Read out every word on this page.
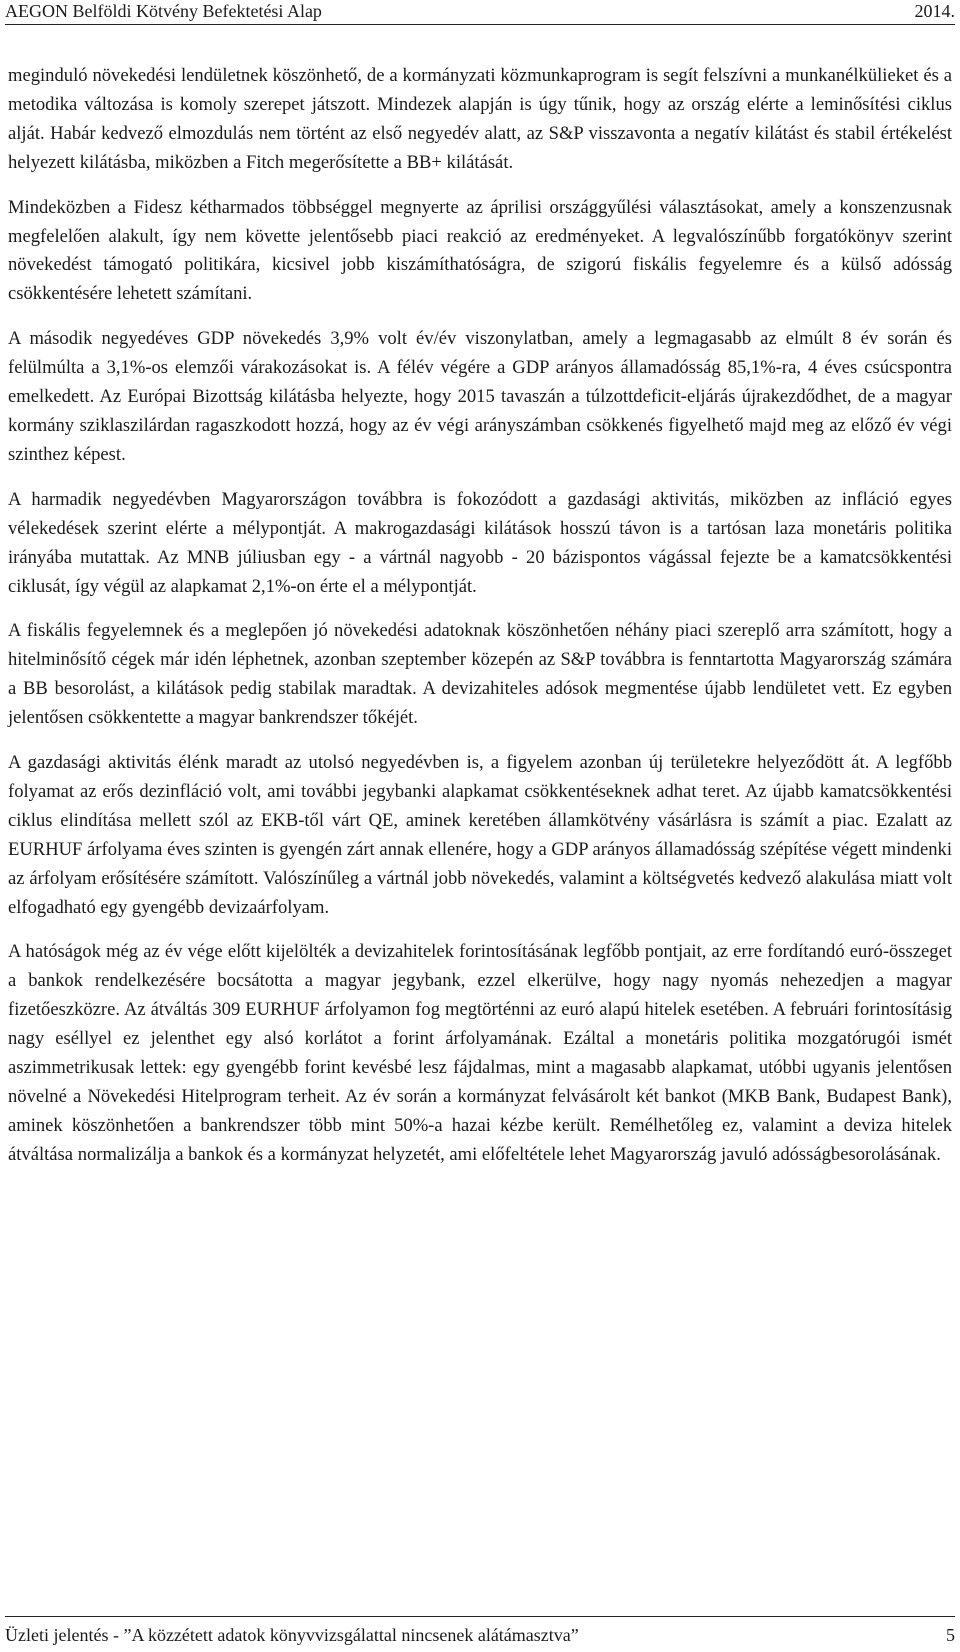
AEGON Belföldi Kötvény Befektetési Alap	2014.

meginduló növekedési lendületnek köszönhető, de a kormányzati közmunkaprogram is segít felszívni a munkanélkülieket és a metodika változása is komoly szerepet játszott. Mindezek alapján is úgy tűnik, hogy az ország elérte a leminősítési ciklus alját. Habár kedvező elmozdulás nem történt az első negyedév alatt, az S&P visszavonta a negatív kilátást és stabil értékelést helyezett kilátásba, miközben a Fitch megerősítette a BB+ kilátását.

Mindeközben a Fidesz kétharmados többséggel megnyerte az áprilisi országgyűlési választásokat, amely a konszenzusnak megfelelően alakult, így nem követte jelentősebb piaci reakció az eredményeket. A legvalószínűbb forgatókönyv szerint növekedést támogató politikára, kicsivel jobb kiszámíthatóságra, de szigorú fiskális fegyelemre és a külső adósság csökkentésére lehetett számítani.

A második negyedéves GDP növekedés 3,9% volt év/év viszonylatban, amely a legmagasabb az elmúlt 8 év során és felülmúlta a 3,1%-os elemzői várakozásokat is. A félév végére a GDP arányos államadósság 85,1%-ra, 4 éves csúcspontra emelkedett. Az Európai Bizottság kilátásba helyezte, hogy 2015 tavaszán a túlzottdeficit-eljárás újrakezdődhet, de a magyar kormány sziklaszilárdan ragaszkodott hozzá, hogy az év végi arányszámban csökkenés figyelhető majd meg az előző év végi szinthez képest.

A harmadik negyedévben Magyarországon továbbra is fokozódott a gazdasági aktivitás, miközben az infláció egyes vélekedések szerint elérte a mélypontját. A makrogazdasági kilátások hosszú távon is a tartósan laza monetáris politika irányába mutattak. Az MNB júliusban egy - a vártnál nagyobb - 20 bázispontos vágással fejezte be a kamatcsökkentési ciklusát, így végül az alapkamat 2,1%-on érte el a mélypontját.

A fiskális fegyelemnek és a meglepően jó növekedési adatoknak köszönhetően néhány piaci szereplő arra számított, hogy a hitelminősítő cégek már idén léphetnek, azonban szeptember közepén az S&P továbbra is fenntartotta Magyarország számára a BB besorolást, a kilátások pedig stabilak maradtak. A devizahiteles adósok megmentése újabb lendületet vett. Ez egyben jelentősen csökkentette a magyar bankrendszer tőkéjét.

A gazdasági aktivitás élénk maradt az utolsó negyedévben is, a figyelem azonban új területekre helyeződött át. A legfőbb folyamat az erős dezinfláció volt, ami további jegybanki alapkamat csökkentéseknek adhat teret. Az újabb kamatcsökkentési ciklus elindítása mellett szól az EKB-től várt QE, aminek keretében államkötvény vásárlásra is számít a piac. Ezalatt az EURHUF árfolyama éves szinten is gyengén zárt annak ellenére, hogy a GDP arányos államadósság szépítése végett mindenki az árfolyam erősítésére számított. Valószínűleg a vártnál jobb növekedés, valamint a költségvetés kedvező alakulása miatt volt elfogadható egy gyengébb devizaárfolyam.

A hatóságok még az év vége előtt kijelölték a devizahitelek forintosításának legfőbb pontjait, az erre fordítandó euró-összeget a bankok rendelkezésére bocsátotta a magyar jegybank, ezzel elkerülve, hogy nagy nyomás nehezedjen a magyar fizetőeszközre. Az átváltás 309 EURHUF árfolyamon fog megtörténni az euró alapú hitelek esetében. A februári forintosításig nagy eséllyel ez jelenthet egy alsó korlátot a forint árfolyamának. Ezáltal a monetáris politika mozgatórugói ismét aszimmetrikusak lettek: egy gyengébb forint kevésbé lesz fájdalmas, mint a magasabb alapkamat, utóbbi ugyanis jelentősen növelné a Növekedési Hitelprogram terheit. Az év során a kormányzat felvásárolt két bankot (MKB Bank, Budapest Bank), aminek köszönhetően a bankrendszer több mint 50%-a hazai kézbe került. Remélhetőleg ez, valamint a deviza hitelek átváltása normalizálja a bankok és a kormányzat helyzetét, ami előfeltétele lehet Magyarország javuló adósságbesorolásának.

Üzleti jelentés - ”A közzétett adatok könyvvizsgálattal nincsenek alátámasztva”	5
